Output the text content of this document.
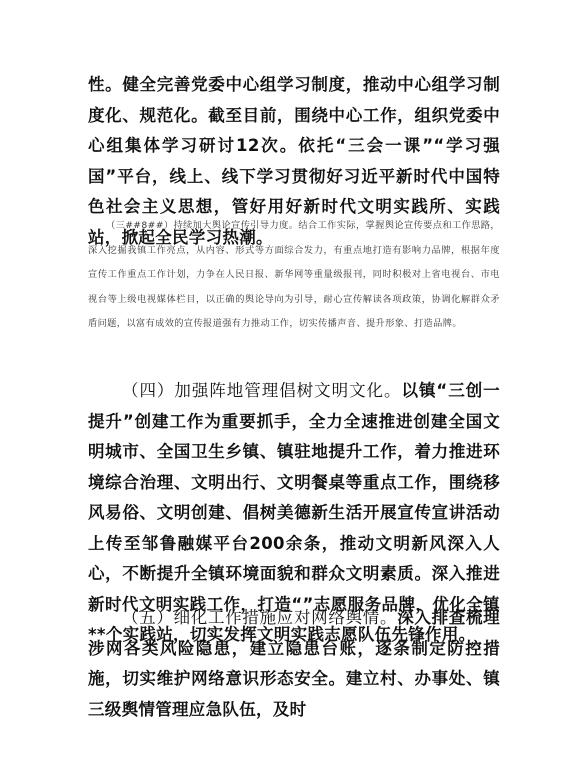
性。健全完善党委中心组学习制度，推动中心组学习制度化、规范化。截至目前，围绕中心工作，组织党委中心组集体学习研讨12次。依托“三会一课”“学习强国”平台，线上、线下学习贯彻好习近平新时代中国特色社会主义思想，管好用好新时代文明实践所、实践站，掀起全民学习热潮。

（三##8##）持续加大舆论宣传引导力度。结合工作实际，掌握舆论宣传要点和工作思路，深入挖掘我镇工作亮点，从内容、形式等方面综合发力，有重点地打造有影响力品牌，根据年度宣传工作重点工作计划，力争在人民日报、新华网等重量级报刊，同时积极对上省电视台、市电视台等上级电视媒体栏目，以正确的舆论导向为引导，耐心宣传解读各项政策，协调化解群众矛盾问题，以富有成效的宣传报道强有力推动工作，切实传播声音、提升形象、打造品牌。

（四）加强阵地管理倡树文明文化。以镇“三创一提升”创建工作为重要抓手，全力全速推进创建全国文明城市、全国卫生乡镇、镇驻地提升工作，着力推进环境综合治理、文明出行、文明餐桌等重点工作，围绕移风易俗、文明创建、倡树美德新生活开展宣传宣讲活动上传至邹鲁融媒平台200余条，推动文明新风深入人心，不断提升全镇环境面貌和群众文明素质。深入推进新时代文明实践工作，打造“”志愿服务品牌，优化全镇**个实践站，切实发挥文明实践志愿队伍先锋作用。

（五）细化工作措施应对网络舆情。深入排查梳理涉网各类风险隐患，建立隐患台账，逐条制定防控措施，切实维护网络意识形态安全。建立村、办事处、镇三级舆情管理应急队伍，及时
